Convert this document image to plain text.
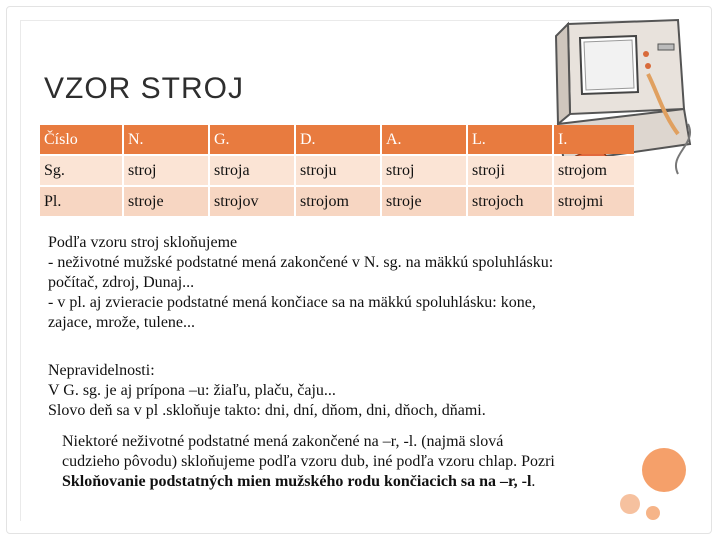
VZOR STROJ
Číslo	N.	G.	D.	A.	L.	I.
Sg.	stroj	stroja	stroju	stroj	stroji	strojom
Pl.	stroje	strojov	strojom	stroje	strojoch	strojmi
Podľa vzoru stroj skloňujeme
- neživotné mužské podstatné mená zakončené v N. sg. na mäkkú spoluhlásku:
počítač, zdroj, Dunaj...
- v pl. aj zvieracie podstatné mená končiace sa na mäkkú spoluhlásku: kone,
zajace, mrože, tulene...
Nepravidelnosti:
V G. sg. je aj prípona –u: žiaľu, plaču, čaju...
Slovo deň sa v pl .skloňuje takto: dni, dní, dňom, dni, dňoch, dňami.
Niektoré neživotné podstatné mená zakončené na –r, -l. (najmä slová
cudzieho pôvodu) skloňujeme podľa vzoru dub, iné podľa vzoru chlap. Pozri
Skloňovanie podstatných mien mužského rodu končiacich sa na –r, -l.
